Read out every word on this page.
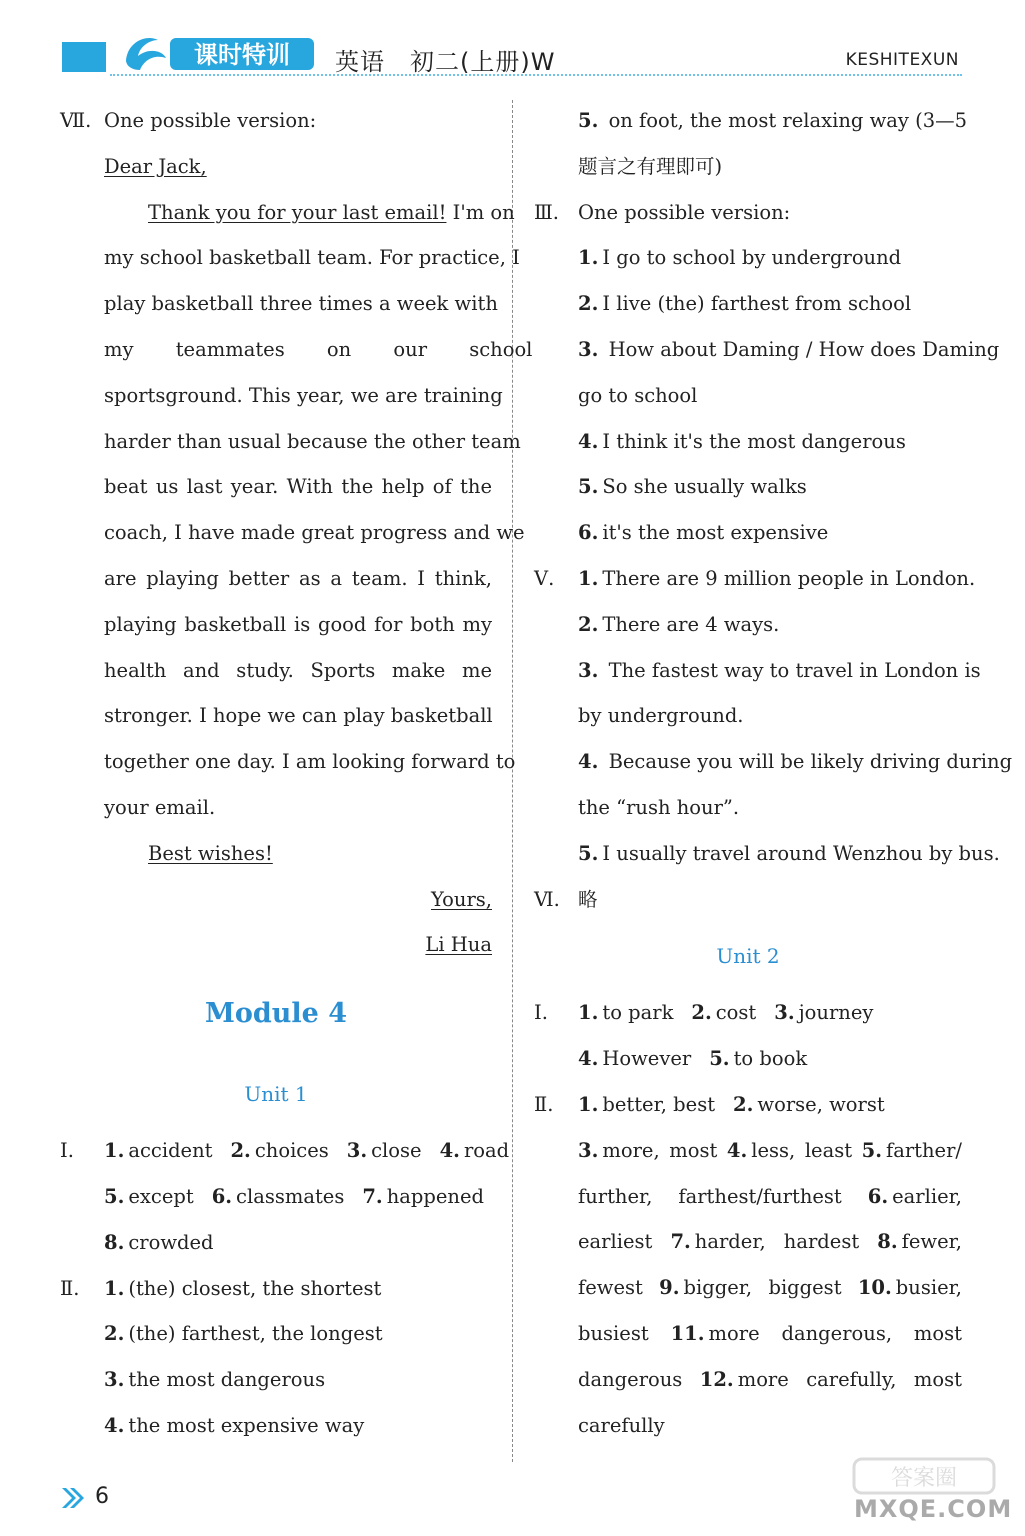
课时特训 英语　初二(上册)W	KESHITEXUN
Ⅶ. One possible version:
Dear Jack,
Thank you for your last email! I'm on
my school basketball team. For practice, I
play basketball three times a week with
my teammates on our school
sportsground. This year, we are training
harder than usual because the other team
beat us last year. With the help of the
coach, I have made great progress and we
are playing better as a team. I think,
playing basketball is good for both my
health and study. Sports make me
stronger. I hope we can play basketball
together one day. I am looking forward to
your email.
Best wishes!
Yours,
Li Hua
Module 4
Unit 1
Ⅰ. 1. accident 2. choices 3. close 4. road
5. except 6. classmates 7. happened
8. crowded
Ⅱ. 1. (the) closest, the shortest
2. (the) farthest, the longest
3. the most dangerous
4. the most expensive way
5. on foot, the most relaxing way (3—5
题言之有理即可)
Ⅲ. One possible version:
1. I go to school by underground
2. I live (the) farthest from school
3. How about Daming / How does Daming
go to school
4. I think it's the most dangerous
5. So she usually walks
6. it's the most expensive
Ⅴ. 1. There are 9 million people in London.
2. There are 4 ways.
3. The fastest way to travel in London is
by underground.
4. Because you will be likely driving during
the “rush hour”.
5. I usually travel around Wenzhou by bus.
Ⅵ. 略
Unit 2
Ⅰ. 1. to park 2. cost 3. journey
4. However 5. to book
Ⅱ. 1. better, best 2. worse, worst
3. more, most 4. less, least 5. farther/
further, farthest/furthest 6. earlier,
earliest 7. harder, hardest 8. fewer,
fewest 9. bigger, biggest 10. busier,
busiest 11. more dangerous, most
dangerous 12. more carefully, most
carefully
6
答案圈
MXQE.COM
